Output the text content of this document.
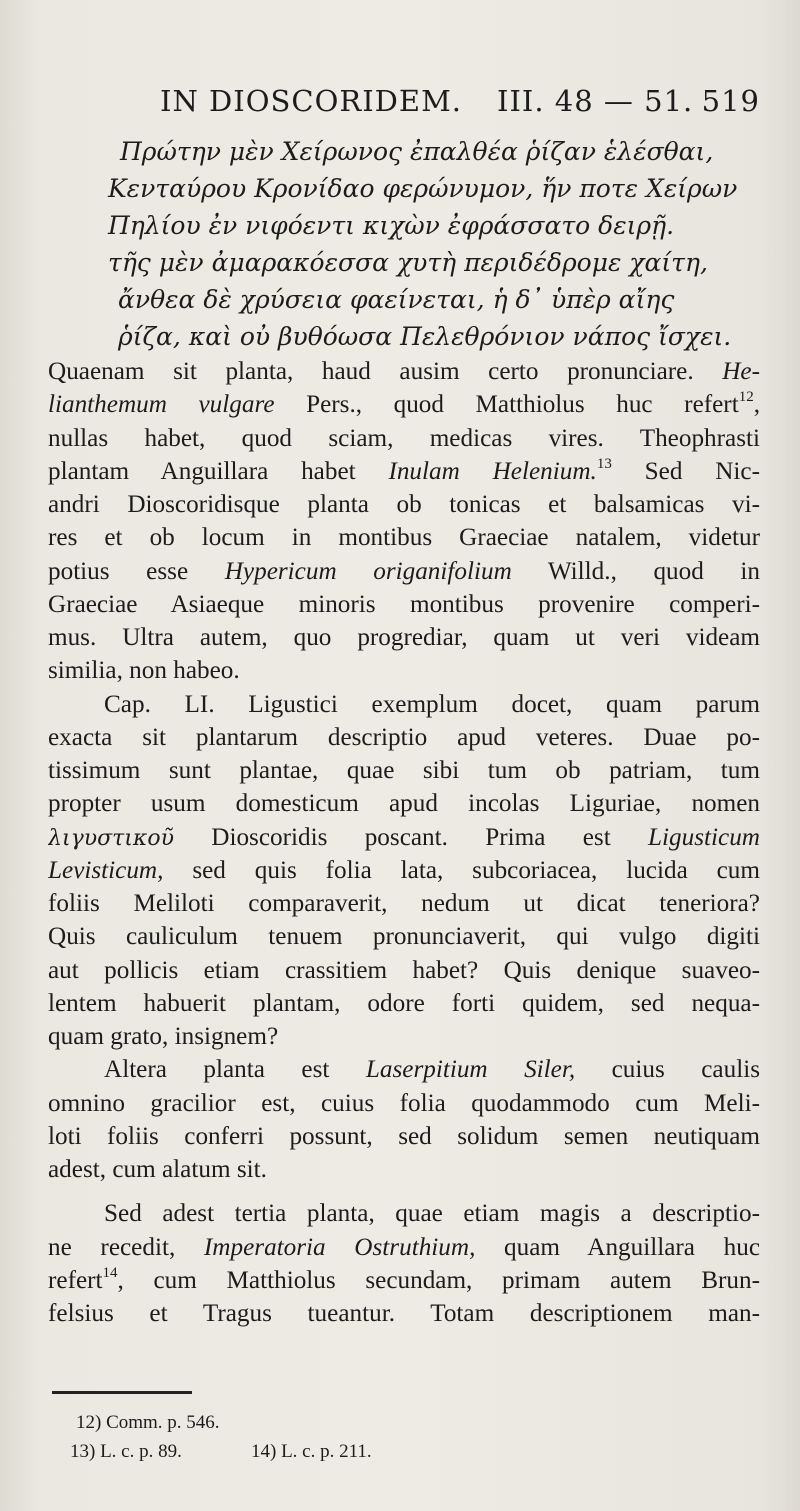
IN DIOSCORIDEM. III. 48 — 51. 519
Πρώτην μὲν Χείρωνος ἐπαλθέα ῥίζαν ἑλέσθαι,
Κενταύρου Κρονίδαο φερώνυμον, ἥν ποτε Χείρων
Πηλίου ἐν νιφόεντι κιχὼν ἐφράσσατο δειρῇ.
τῆς μὲν ἀμαρακόεσσα χυτὴ περιδέδρομε χαίτη,
ἄνθεα δὲ χρύσεια φαείνεται, ἡ δ᾽ ὑπὲρ αἴης
ῥίζα, καὶ οὐ βυθόωσα Πελεθρόνιον νάπος ἴσχει.
Quaenam sit planta, haud ausim certo pronunciare. He-
lianthemum vulgare Pers., quod Matthiolus huc refert$^{12}$,
nullas habet, quod sciam, medicas vires. Theophrasti
plantam Anguillara habet Inulam Helenium.$^{13}$ Sed Nic-
andri Dioscoridisque planta ob tonicas et balsamicas vi-
res et ob locum in montibus Graeciae natalem, videtur
potius esse Hypericum origanifolium Willd., quod in
Graeciae Asiaeque minoris montibus provenire comperi-
mus. Ultra autem, quo progrediar, quam ut veri videam
similia, non habeo.
Cap. LI. Ligustici exemplum docet, quam parum
exacta sit plantarum descriptio apud veteres. Duae po-
tissimum sunt plantae, quae sibi tum ob patriam, tum
propter usum domesticum apud incolas Liguriae, nomen
λιγυστικοῦ Dioscoridis poscant. Prima est Ligusticum
Levisticum, sed quis folia lata, subcoriacea, lucida cum
foliis Meliloti comparaverit, nedum ut dicat teneriora?
Quis cauliculum tenuem pronunciaverit, qui vulgo digiti
aut pollicis etiam crassitiem habet? Quis denique suaveo-
lentem habuerit plantam, odore forti quidem, sed nequa-
quam grato, insignem?
Altera planta est Laserpitium Siler, cuius caulis
omnino gracilior est, cuius folia quodammodo cum Meli-
loti foliis conferri possunt, sed solidum semen neutiquam
adest, cum alatum sit.
Sed adest tertia planta, quae etiam magis a descriptio-
ne recedit, Imperatoria Ostruthium, quam Anguillara huc
refert$^{14}$, cum Matthiolus secundam, primam autem Brun-
felsius et Tragus tueantur. Totam descriptionem man-
12) Comm. p. 546.
13) L. c. p. 89.	14) L. c. p. 211.
